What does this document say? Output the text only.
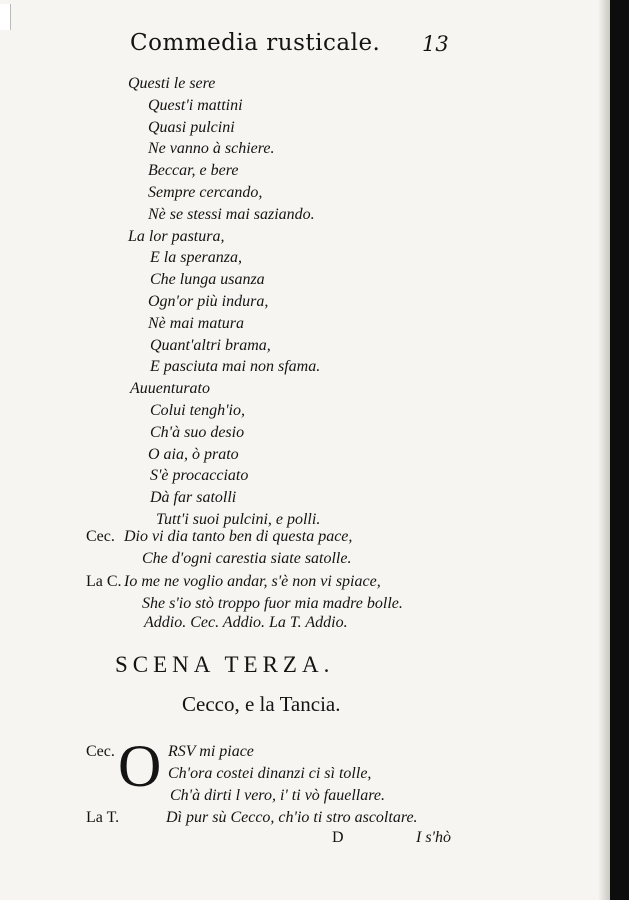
Commedia rusticale. 13
Questi le sere
Quest'i mattini
Quasi pulcini
Ne vanno à schiere.
Beccar, e bere
Sempre cercando,
Nè se stessi mai saziando.
La lor pastura,
E la speranza,
Che lunga usanza
Ogn'or più indura,
Nè mai matura
Quant'altri brama,
E pasciuta mai non sfama.
Auuenturato
Colui tengh'io,
Ch'à suo desio
O aia, ò prato
S'è procacciato
Dà far satolli
Tutt'i suoi pulcini, e polli.
Cec. Dio vi dia tanto ben di questa pace,
Che d'ogni carestia siate satolle.
La C. Io me ne voglio andar, s'è non vi spiace,
She s'io stò troppo fuor mia madre bolle.
Addio. Cec. Addio. La T. Addio.
SCENA TERZA.
Cecco, e la Tancia.
O
Cec.	RSV mi piace
Ch'ora costei dinanzi ci sì tolle,
Ch'à dirti l vero, i' ti vò fauellare.
La T.	Dì pur sù Cecco, ch'io ti stro ascoltare.
D	I s'hò
